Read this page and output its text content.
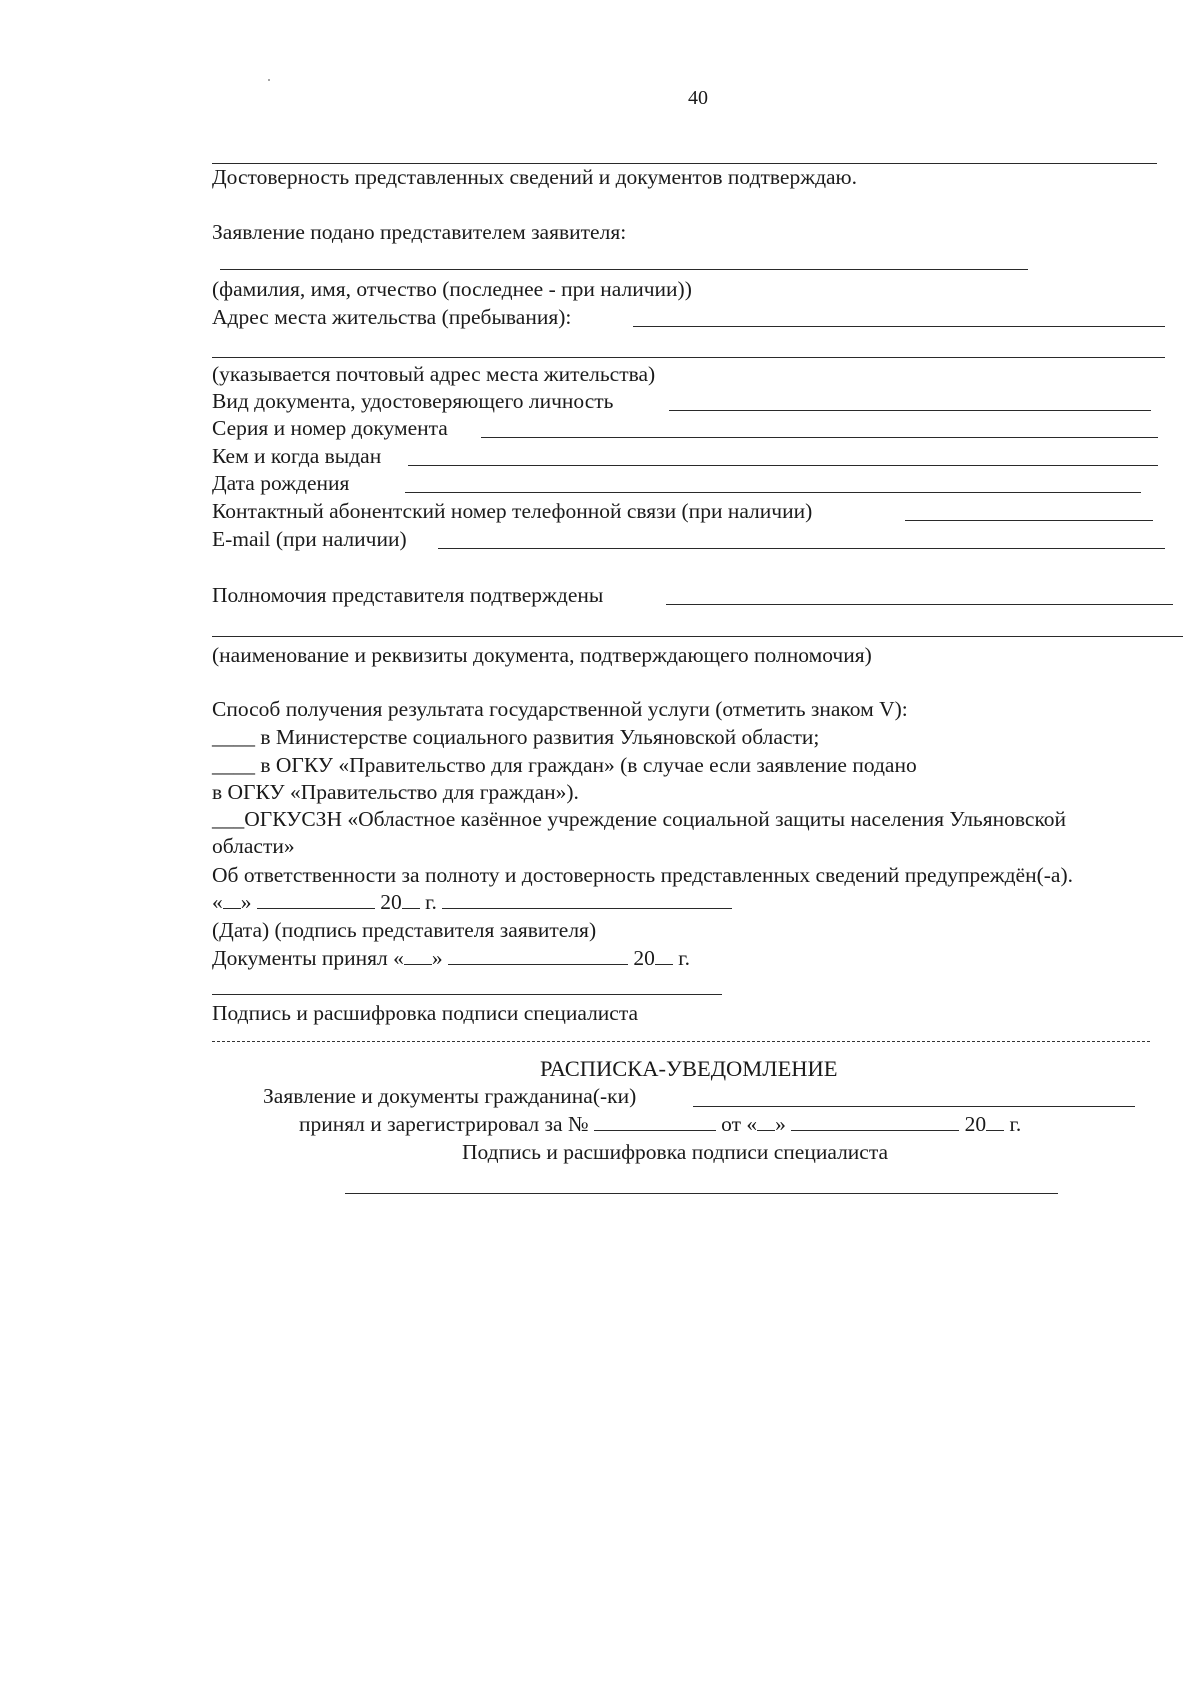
40
Достоверность представленных сведений и документов подтверждаю.
Заявление подано представителем заявителя:
(фамилия, имя, отчество (последнее - при наличии))
Адрес места жительства (пребывания):
(указывается почтовый адрес места жительства)
Вид документа, удостоверяющего личность
Серия и номер документа
Кем и когда выдан
Дата рождения
Контактный абонентский номер телефонной связи (при наличии)
E-mail (при наличии)
Полномочия представителя подтверждены
(наименование и реквизиты документа, подтверждающего полномочия)
Способ получения результата государственной услуги (отметить знаком V):
____ в Министерстве социального развития Ульяновской области;
____ в ОГКУ «Правительство для граждан» (в случае если заявление подано
в ОГКУ «Правительство для граждан»).
___ОГКУСЗН «Областное казённое учреждение социальной защиты населения Ульяновской
области»
Об ответственности за полноту и достоверность представленных сведений предупреждён(-а).
« »	20 г.
(Дата) (подпись представителя заявителя)
Документы принял « »	20 г.
Подпись и расшифровка подписи специалиста
РАСПИСКА-УВЕДОМЛЕНИЕ
Заявление и документы гражданина(-ки)
принял и зарегистрировал за №	от « »	20 г.
Подпись и расшифровка подписи специалиста
